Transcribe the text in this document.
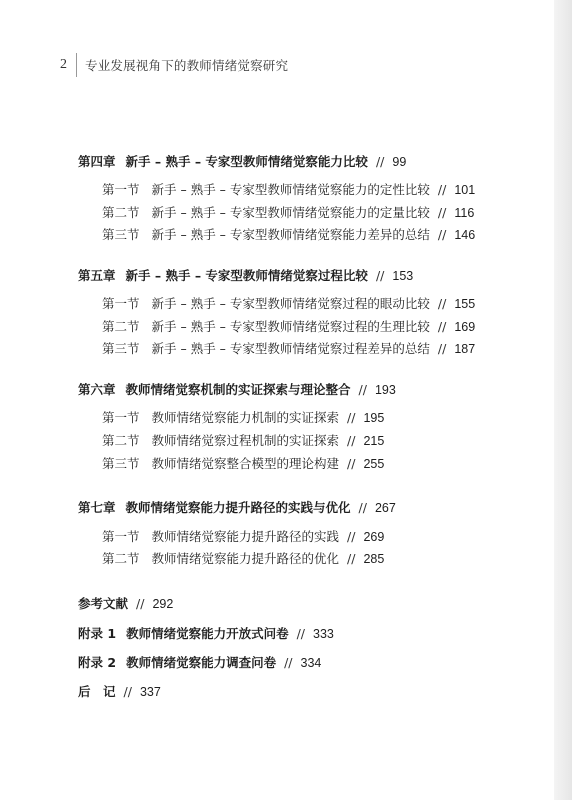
2	专业发展视角下的教师情绪觉察研究
第四章 新手 – 熟手 – 专家型教师情绪觉察能力比较 // 99
第一节 新手 – 熟手 – 专家型教师情绪觉察能力的定性比较 // 101
第二节 新手 – 熟手 – 专家型教师情绪觉察能力的定量比较 // 116
第三节 新手 – 熟手 – 专家型教师情绪觉察能力差异的总结 // 146
第五章 新手 – 熟手 – 专家型教师情绪觉察过程比较 // 153
第一节 新手 – 熟手 – 专家型教师情绪觉察过程的眼动比较 // 155
第二节 新手 – 熟手 – 专家型教师情绪觉察过程的生理比较 // 169
第三节 新手 – 熟手 – 专家型教师情绪觉察过程差异的总结 // 187
第六章 教师情绪觉察机制的实证探索与理论整合 // 193
第一节 教师情绪觉察能力机制的实证探索 // 195
第二节 教师情绪觉察过程机制的实证探索 // 215
第三节 教师情绪觉察整合模型的理论构建 // 255
第七章 教师情绪觉察能力提升路径的实践与优化 // 267
第一节 教师情绪觉察能力提升路径的实践 // 269
第二节 教师情绪觉察能力提升路径的优化 // 285
参考文献 // 292
附录 1 教师情绪觉察能力开放式问卷 // 333
附录 2 教师情绪觉察能力调查问卷 // 334
后　记 // 337
